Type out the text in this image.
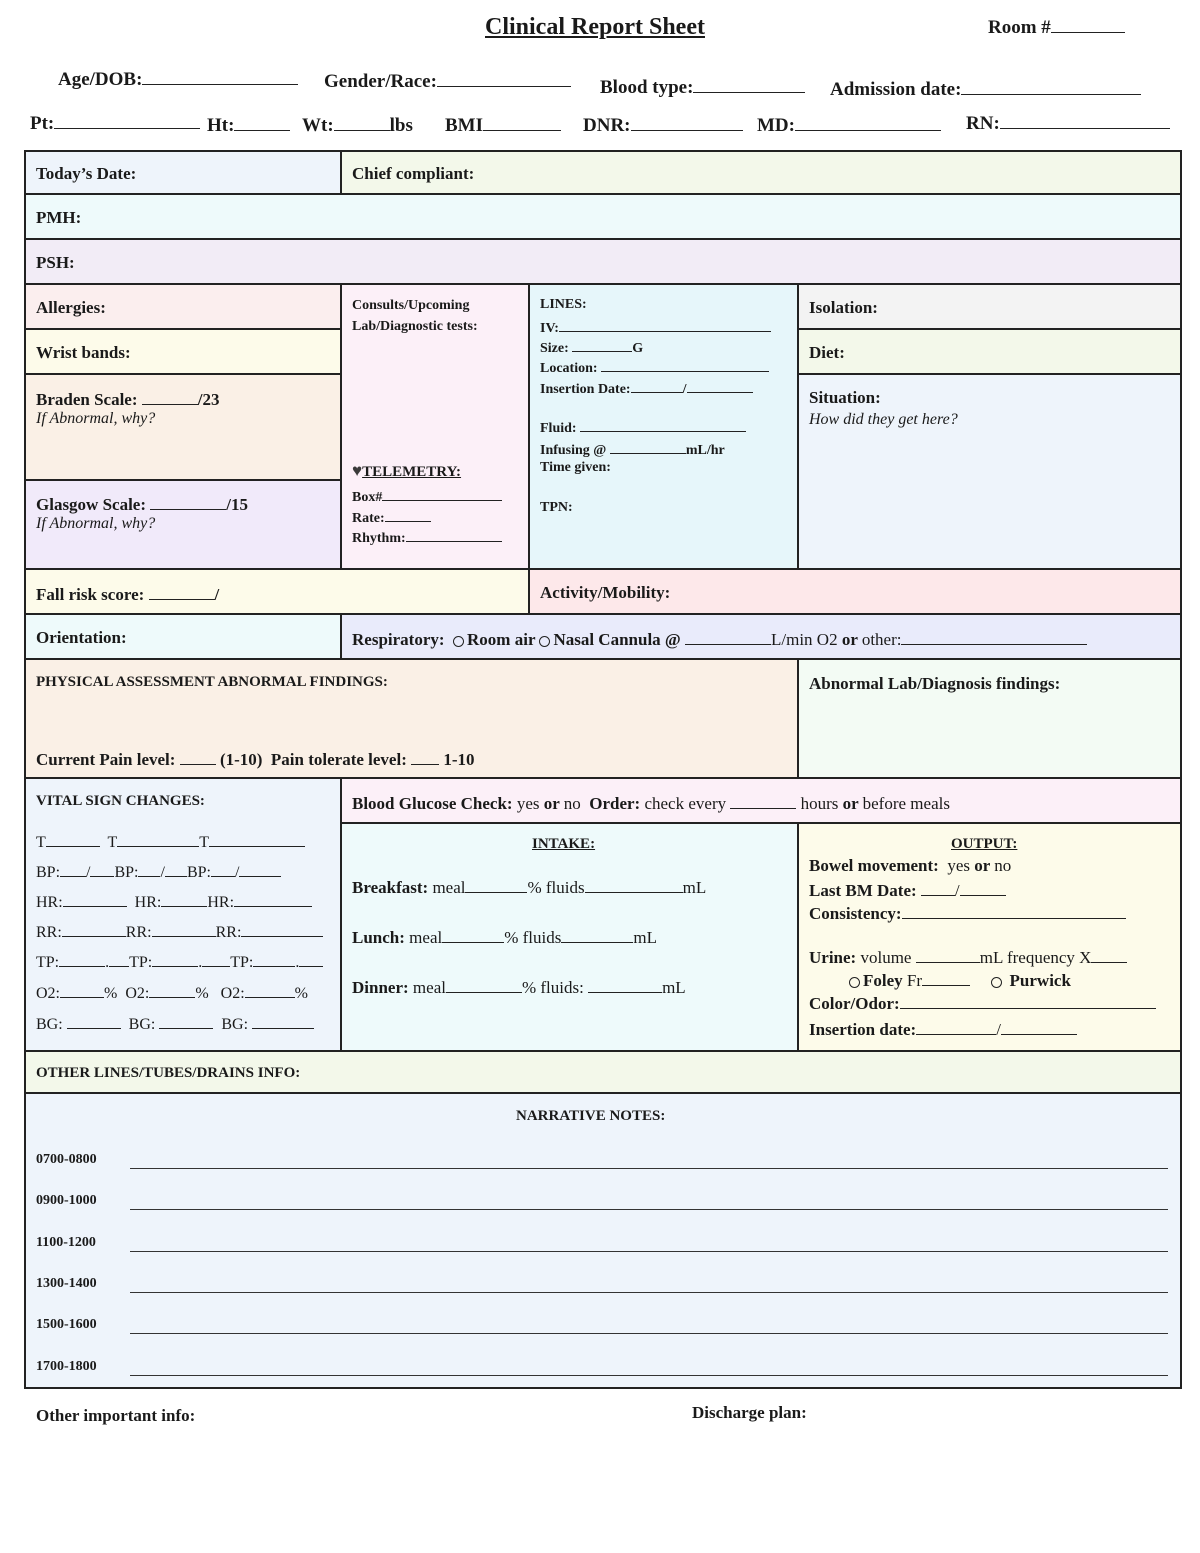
Clinical Report Sheet	Room #
Age/DOB:	Gender/Race:	Blood type:	Admission date:
Pt:	Ht:	Wt:	lbs BMI	DNR:	MD:	RN:
Today’s Date:	Chief compliant:
PMH:
PSH:
Allergies:
Wrist bands:
Braden Scale:	/23
If Abnormal, why?
Glasgow Scale:	/15
If Abnormal, why?
Consults/Upcoming
Lab/Diagnostic tests:
♥TELEMETRY:
Box#
Rate:
Rhythm:
LINES:
IV:
Size:	G
Location:
Insertion Date:	/
Fluid:
Infusing @	mL/hr
Time given:
TPN:
Isolation:
Diet:
Situation:
How did they get here?
Fall risk score:	/	Activity/Mobility:
Orientation:	Respiratory: Room air Nasal Cannula @	L/min O2 or other:
PHYSICAL ASSESSMENT ABNORMAL FINDINGS:
Current Pain level:	(1-10) Pain tolerate level: 1-10
Abnormal Lab/Diagnosis findings:
VITAL SIGN CHANGES:
T	T	T
BP: / BP: / BP: /
HR:	HR:	HR:
RR:	RR:	RR:
TP:	. TP:	. TP:	.
O2:	% O2:	% O2:	%
BG:	BG:	BG:
Blood Glucose Check: yes or no Order: check every	hours or before meals
INTAKE:
Breakfast: meal	% fluids	mL
Lunch: meal	% fluids	mL
Dinner: meal	% fluids:	mL
OUTPUT:
Bowel movement: yes or no
Last BM Date: /
Consistency:
Urine: volume	mL frequency X
Foley Fr	Purwick
Color/Odor:
Insertion date:	/
OTHER LINES/TUBES/DRAINS INFO:
NARRATIVE NOTES:
0700-0800
0900-1000
1100-1200
1300-1400
1500-1600
1700-1800
Other important info:	Discharge plan:
